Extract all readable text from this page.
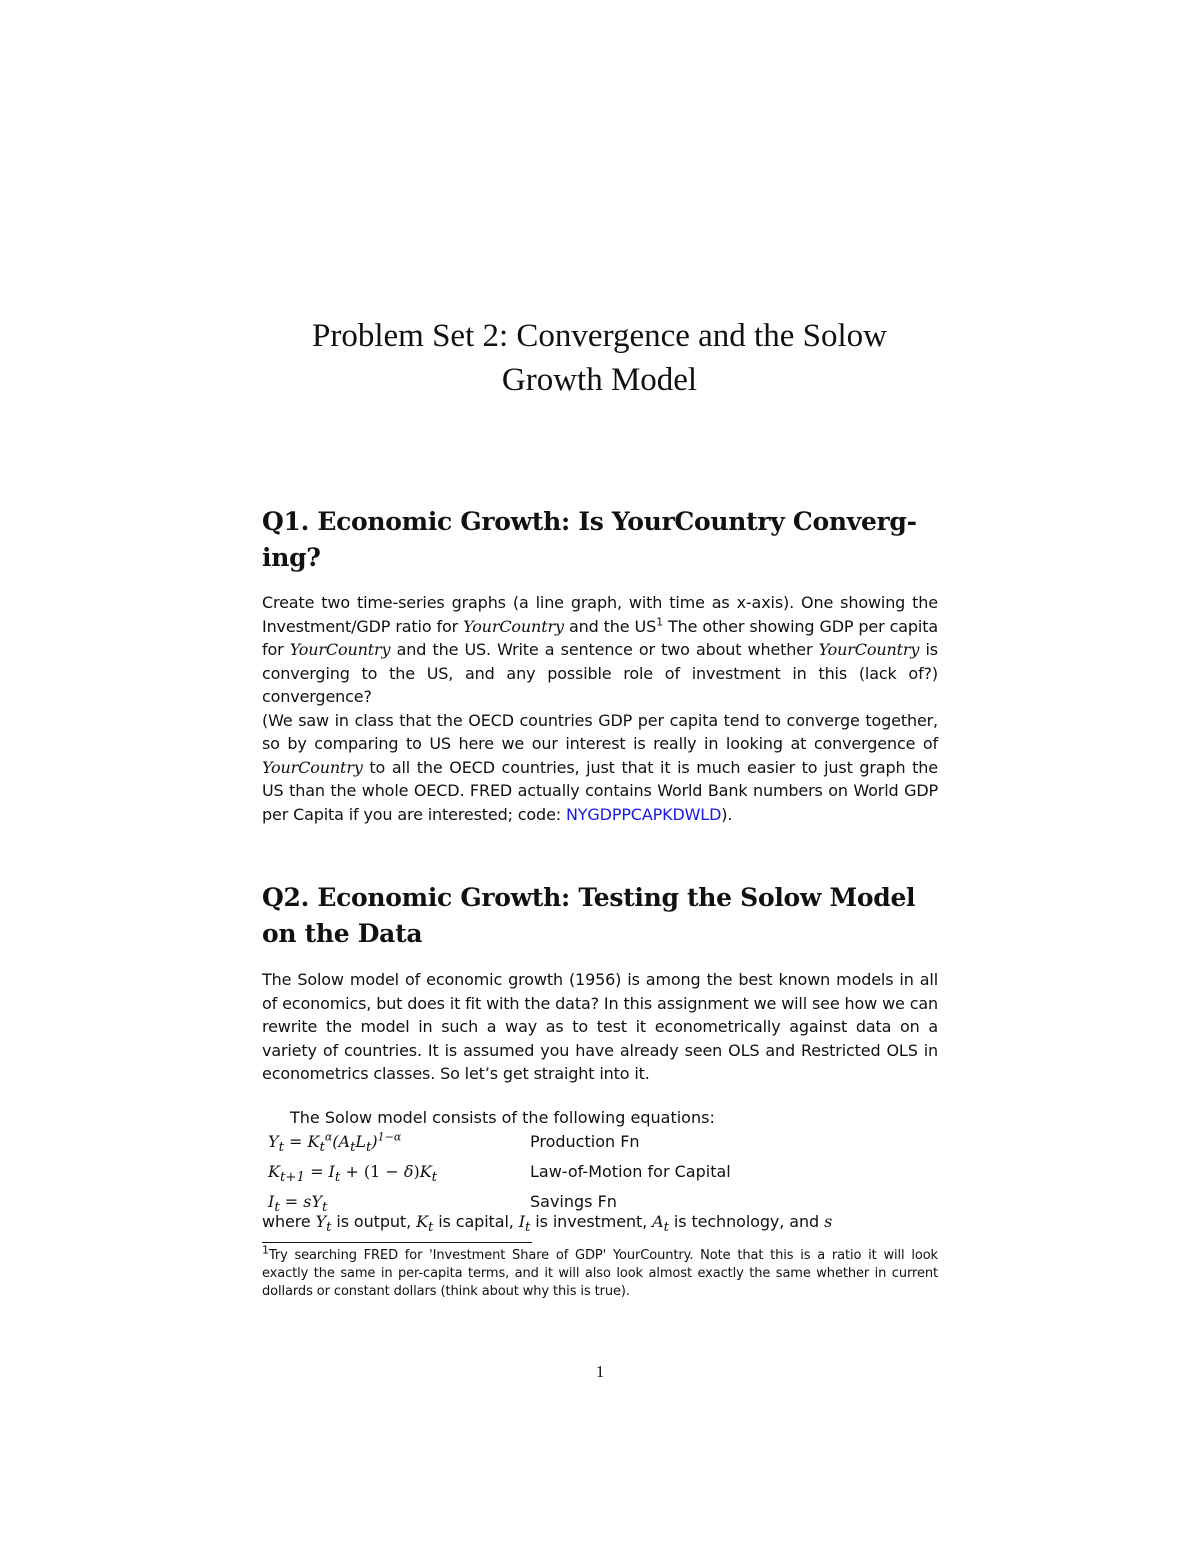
Problem Set 2: Convergence and the Solow
Growth Model
Q1. Economic Growth: Is YourCountry Converg-
ing?

Create two time-series graphs (a line graph, with time as x-axis). One showing the Investment/GDP ratio for YourCountry and the $US^1$ The other showing GDP per capita for YourCountry and the US. Write a sentence or two about whether YourCountry is converging to the US, and any possible role of investment in this (lack of?) convergence?

(We saw in class that the OECD countries GDP per capita tend to converge together, so by comparing to US here we our interest is really in looking at convergence of YourCountry to all the OECD countries, just that it is much easier to just graph the US than the whole OECD. FRED actually contains World Bank numbers on World GDP per Capita if you are interested; code: NYGDPPCAPKDWLD).

Q2. Economic Growth: Testing the Solow Model
on the Data

The Solow model of economic growth (1956) is among the best known models in all of economics, but does it fit with the data? In this assignment we will see how we can rewrite the model in such a way as to test it econometrically against data on a variety of countries. It is assumed you have already seen OLS and Restricted OLS in econometrics classes. So let’s get straight into it.

The Solow model consists of the following equations:
$Y_t = K_t^\alpha(A_tL_t)^{1-\alpha}$	Production Fn
$K_{t+1} = I_t + (1 - \delta)K_t$	Law-of-Motion for Capital
$I_t = sY_t$	Savings Fn
where $Y_t$ is output, $K_t$ is capital, $I_t$ is investment, $A_t$ is technology, and s
$^1$Try searching FRED for 'Investment Share of GDP' YourCountry. Note that this is a ratio it will look exactly the same in per-capita terms, and it will also look almost exactly the same whether in current dollards or constant dollars (think about why this is true).
1
